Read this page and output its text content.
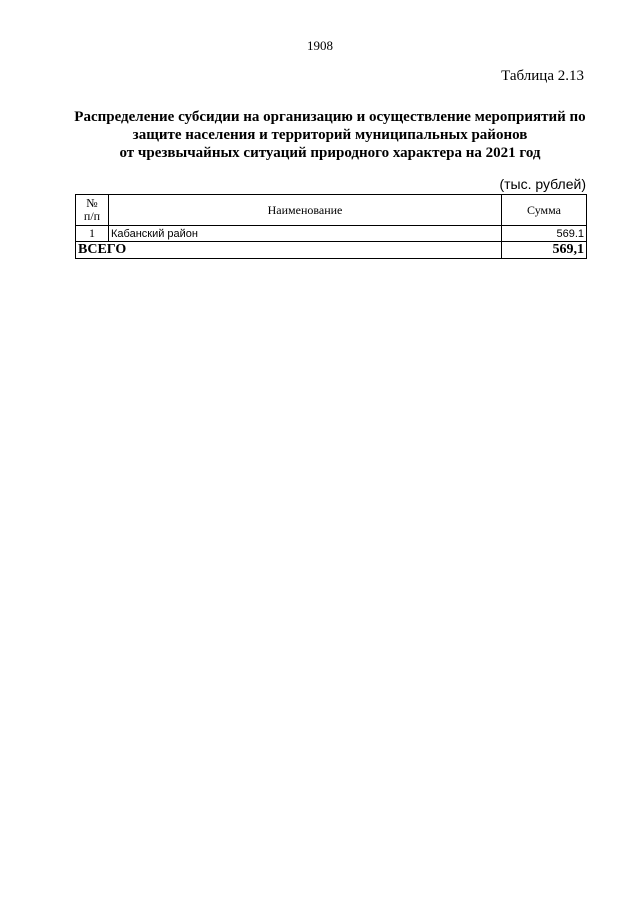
1908
Таблица 2.13
Распределение субсидии на организацию и осуществление мероприятий по
защите населения и территорий муниципальных районов
от чрезвычайных ситуаций природного характера на 2021 год
(тыс. рублей)
№
п/п	Наименование	Сумма
1	Кабанский район	569.1
ВСЕГО		569,1
